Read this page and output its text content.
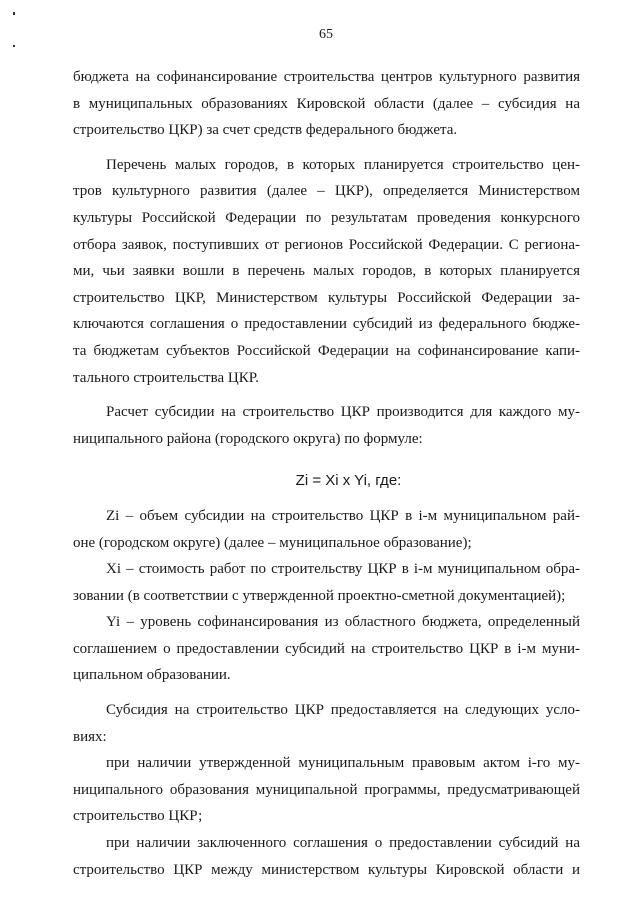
65
бюджета на софинансирование строительства центров культурного развития
в муниципальных образованиях Кировской области (далее – субсидия на
строительство ЦКР) за счет средств федерального бюджета.
Перечень малых городов, в которых планируется строительство цен-
тров культурного развития (далее – ЦКР), определяется Министерством
культуры Российской Федерации по результатам проведения конкурсного
отбора заявок, поступивших от регионов Российской Федерации. С региона-
ми, чьи заявки вошли в перечень малых городов, в которых планируется
строительство ЦКР, Министерством культуры Российской Федерации за-
ключаются соглашения о предоставлении субсидий из федерального бюдже-
та бюджетам субъектов Российской Федерации на софинансирование капи-
тального строительства ЦКР.
Расчет субсидии на строительство ЦКР производится для каждого му-
ниципального района (городского округа) по формуле:
Zi = Xi x Yi, где:
Zi – объем субсидии на строительство ЦКР в i-м муниципальном рай-
оне (городском округе) (далее – муниципальное образование);
Xi – стоимость работ по строительству ЦКР в i-м муниципальном обра-
зовании (в соответствии с утвержденной проектно-сметной документацией);
Yi – уровень софинансирования из областного бюджета, определенный
соглашением о предоставлении субсидий на строительство ЦКР в i-м муни-
ципальном образовании.
Субсидия на строительство ЦКР предоставляется на следующих усло-
виях:
при наличии утвержденной муниципальным правовым актом i-го му-
ниципального образования муниципальной программы, предусматривающей
строительство ЦКР;
при наличии заключенного соглашения о предоставлении субсидий на
строительство ЦКР между министерством культуры Кировской области и
